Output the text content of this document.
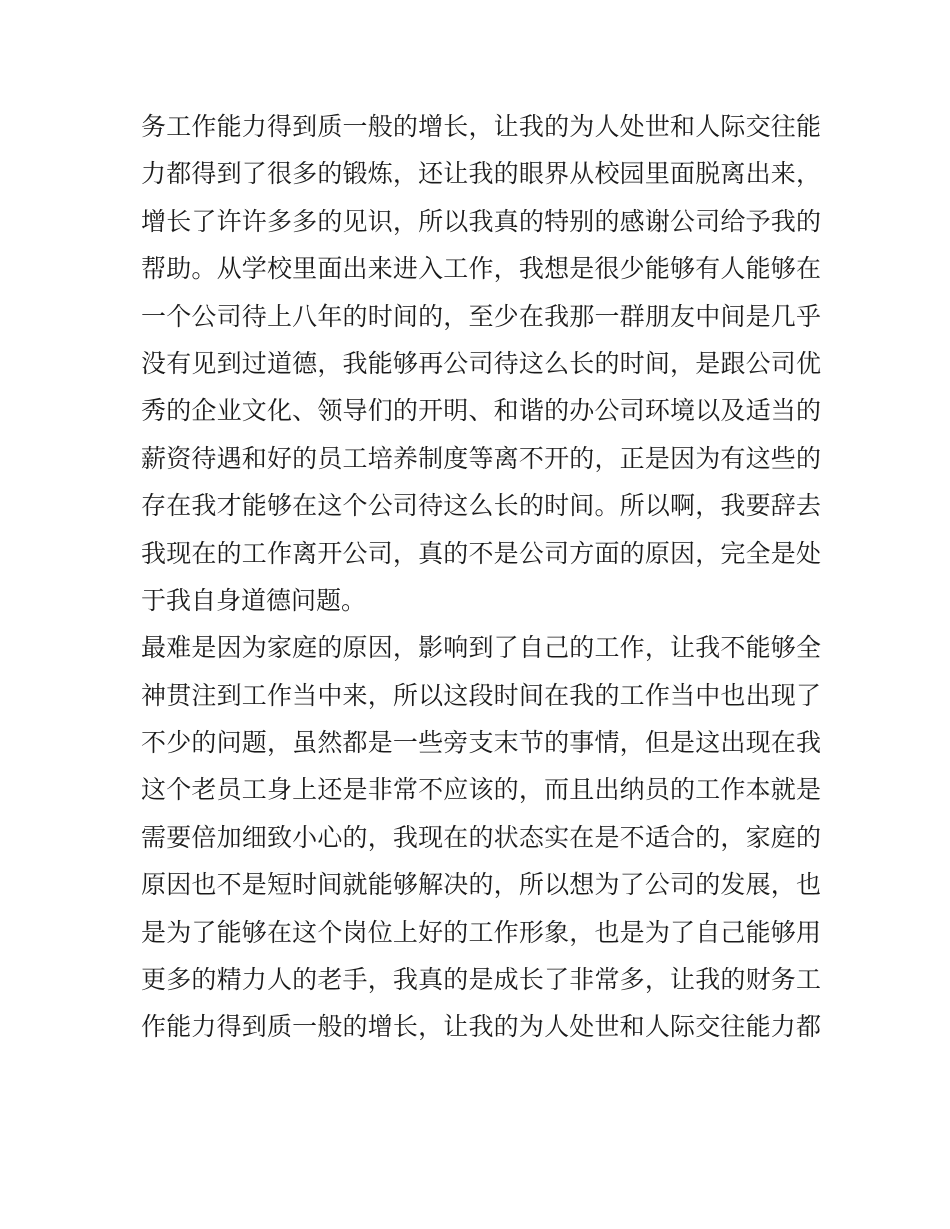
务工作能力得到质一般的增长，让我的为人处世和人际交往能
力都得到了很多的锻炼，还让我的眼界从校园里面脱离出来，
增长了许许多多的见识，所以我真的特别的感谢公司给予我的
帮助。从学校里面出来进入工作，我想是很少能够有人能够在
一个公司待上八年的时间的，至少在我那一群朋友中间是几乎
没有见到过道德，我能够再公司待这么长的时间，是跟公司优
秀的企业文化、领导们的开明、和谐的办公司环境以及适当的
薪资待遇和好的员工培养制度等离不开的，正是因为有这些的
存在我才能够在这个公司待这么长的时间。所以啊，我要辞去
我现在的工作离开公司，真的不是公司方面的原因，完全是处
于我自身道德问题。
最难是因为家庭的原因，影响到了自己的工作，让我不能够全
神贯注到工作当中来，所以这段时间在我的工作当中也出现了
不少的问题，虽然都是一些旁支末节的事情，但是这出现在我
这个老员工身上还是非常不应该的，而且出纳员的工作本就是
需要倍加细致小心的，我现在的状态实在是不适合的，家庭的
原因也不是短时间就能够解决的，所以想为了公司的发展，也
是为了能够在这个岗位上好的工作形象，也是为了自己能够用
更多的精力人的老手，我真的是成长了非常多，让我的财务工
作能力得到质一般的增长，让我的为人处世和人际交往能力都
